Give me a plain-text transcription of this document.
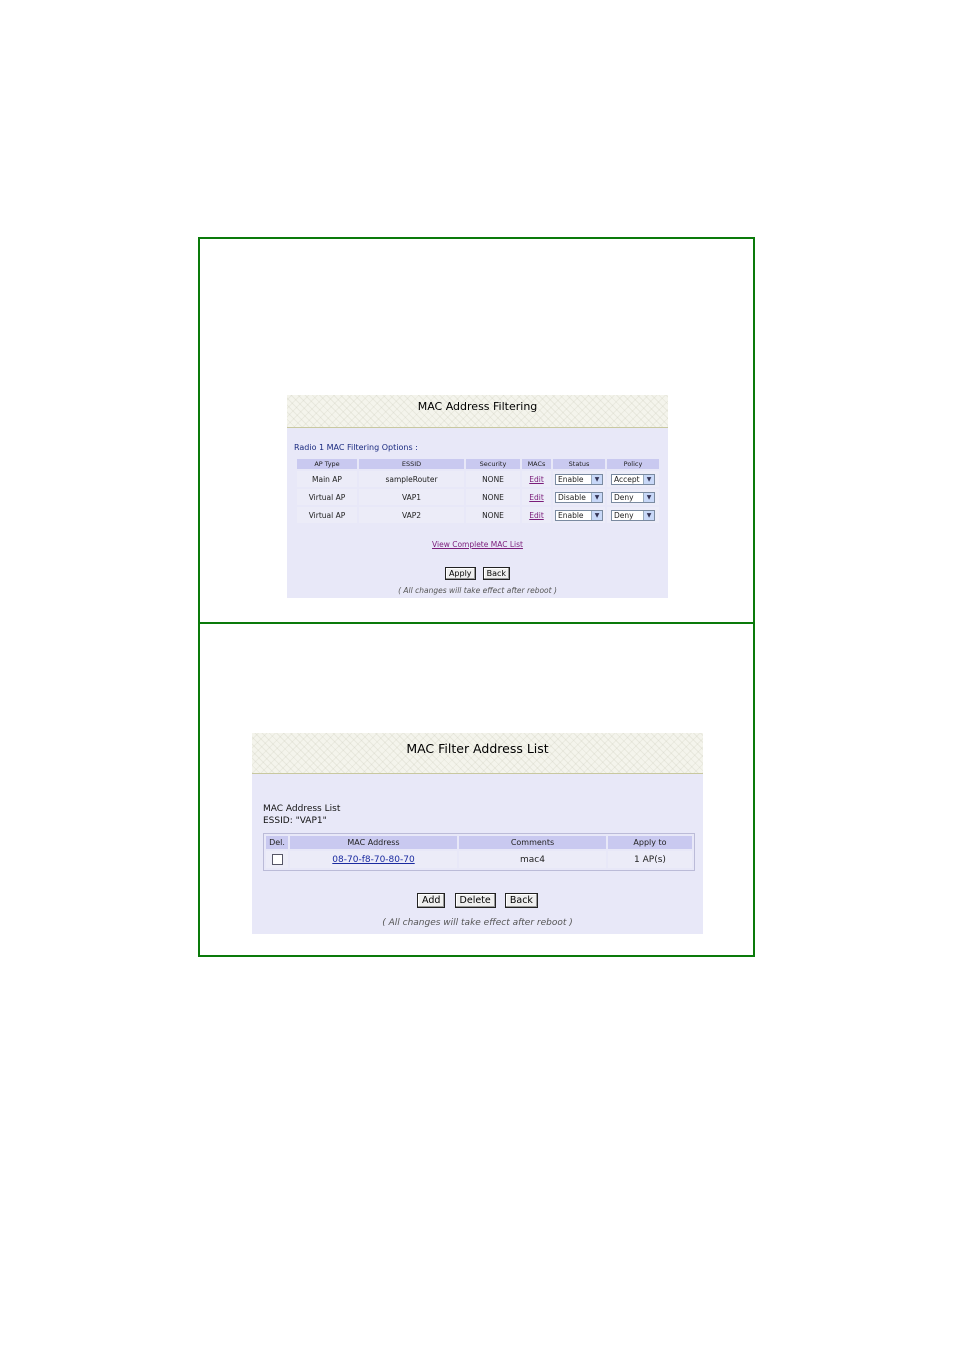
MAC Address Filtering
Radio 1 MAC Filtering Options :
AP Type	ESSID	Security	MACs	Status	Policy
Main AP	sampleRouter	NONE	Edit	Enable ▼	Accept ▼

Virtual AP	VAP1	NONE	Edit	Disable ▼	Deny ▼

Virtual AP	VAP2	NONE	Edit	Enable ▼	Deny ▼
View Complete MAC List
Apply Back
( All changes will take effect after reboot )
MAC Filter Address List
MAC Address List
ESSID: "VAP1"
Del.	MAC Address	Comments	Apply to
	08-70-f8-70-80-70	mac4	1 AP(s)
Add Delete Back
( All changes will take effect after reboot )
